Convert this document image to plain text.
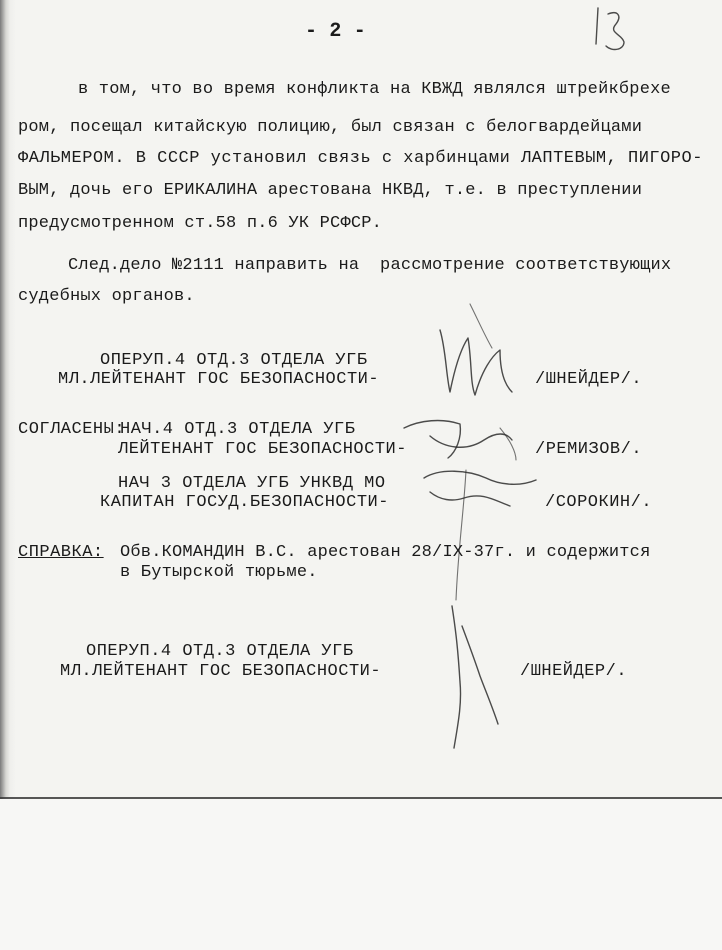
- 2 -
в том, что во время конфликта на КВЖД являлся штрейкбрехе
ром, посещал китайскую полицию, был связан с белогвардейцами
ФАЛЬМЕРОМ. В СССР установил связь с харбинцами ЛАПТЕВЫМ, ПИГОРО-
ВЫМ, дочь его ЕРИКАЛИНА арестована НКВД, т.е. в преступлении
предусмотренном ст.58 п.6 УК РСФСР.
След.дело №2111 направить на  рассмотрение соответствующих
судебных органов.
ОПЕРУП.4 ОТД.3 ОТДЕЛА УГБ
МЛ.ЛЕЙТЕНАНТ ГОС БЕЗОПАСНОСТИ-	/ШНЕЙДЕР/.
СОГЛАСЕНЫ:
НАЧ.4 ОТД.3 ОТДЕЛА УГБ
ЛЕЙТЕНАНТ ГОС БЕЗОПАСНОСТИ-	/РЕМИЗОВ/.
НАЧ 3 ОТДЕЛА УГБ УНКВД МО
КАПИТАН ГОСУД.БЕЗОПАСНОСТИ-	/СОРОКИН/.
СПРАВКА: Обв.КОМАНДИН В.С. арестован 28/IX-37г. и содержится
в Бутырской тюрьме.
ОПЕРУП.4 ОТД.3 ОТДЕЛА УГБ
МЛ.ЛЕЙТЕНАНТ ГОС БЕЗОПАСНОСТИ-	/ШНЕЙДЕР/.
